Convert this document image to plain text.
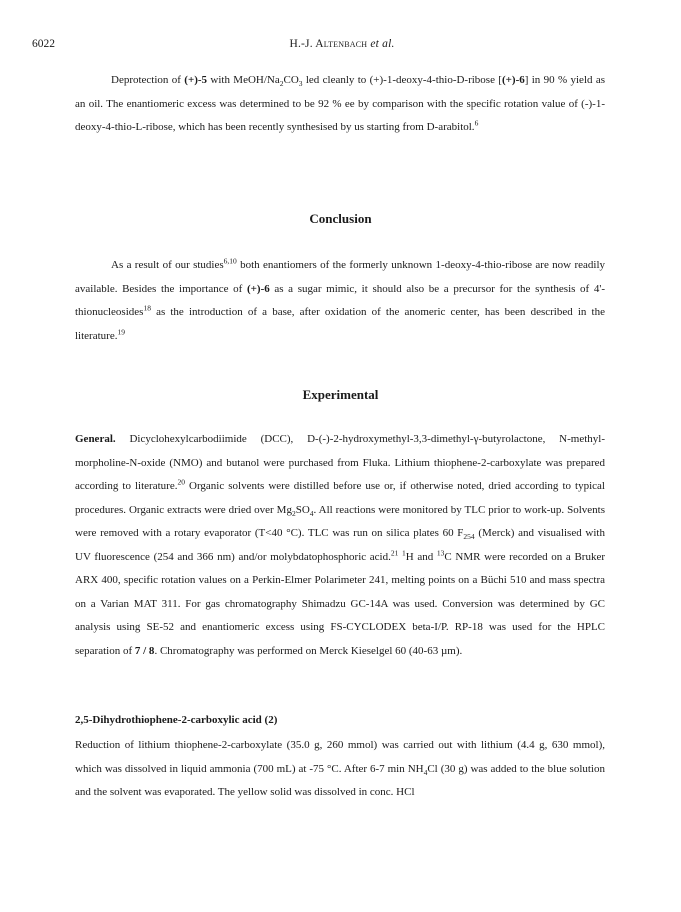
6022	H.-J. Altenbach et al.

Deprotection of (+)-5 with MeOH/$Na_2CO_3$ led cleanly to (+)-1-deoxy-4-thio-D-ribose [(+)-6] in 90 % yield as an oil. The enantiomeric excess was determined to be 92 % ee by comparison with the specific rotation value of (-)-1-deoxy-4-thio-L-ribose, which has been recently synthesised by us starting from D-arabitol.$^6$

Conclusion

As a result of our studies$^{6,10}$ both enantiomers of the formerly unknown 1-deoxy-4-thio-ribose are now readily available. Besides the importance of (+)-6 as a sugar mimic, it should also be a precursor for the synthesis of 4'-thionucleosides$^{18}$ as the introduction of a base, after oxidation of the anomeric center, has been described in the literature.$^{19}$

Experimental

General. Dicyclohexylcarbodiimide (DCC), D-(-)-2-hydroxymethyl-3,3-dimethyl-γ-butyrolactone, N-methyl-morpholine-N-oxide (NMO) and butanol were purchased from Fluka. Lithium thiophene-2-carboxylate was prepared according to literature.$^{20}$ Organic solvents were distilled before use or, if otherwise noted, dried according to typical procedures. Organic extracts were dried over $Mg_2SO_4$. All reactions were monitored by TLC prior to work-up. Solvents were removed with a rotary evaporator (T<40 °C). TLC was run on silica plates 60 $F_{254}$ (Merck) and visualised with UV fluorescence (254 and 366 nm) and/or molybdatophosphoric acid.$^{21}$ $^1$H and $^{13}$C NMR were recorded on a Bruker ARX 400, specific rotation values on a Perkin-Elmer Polarimeter 241, melting points on a Büchi 510 and mass spectra on a Varian MAT 311. For gas chromatography Shimadzu GC-14A was used. Conversion was determined by GC analysis using SE-52 and enantiomeric excess using FS-CYCLODEX beta-I/P. RP-18 was used for the HPLC separation of 7 / 8. Chromatography was performed on Merck Kieselgel 60 (40-63 µm).

2,5-Dihydrothiophene-2-carboxylic acid (2)

Reduction of lithium thiophene-2-carboxylate (35.0 g, 260 mmol) was carried out with lithium (4.4 g, 630 mmol), which was dissolved in liquid ammonia (700 mL) at -75 °C. After 6-7 $\min NH_4Cl$ (30 g) was added to the blue solution and the solvent was evaporated. The yellow solid was dissolved in conc. HCl
